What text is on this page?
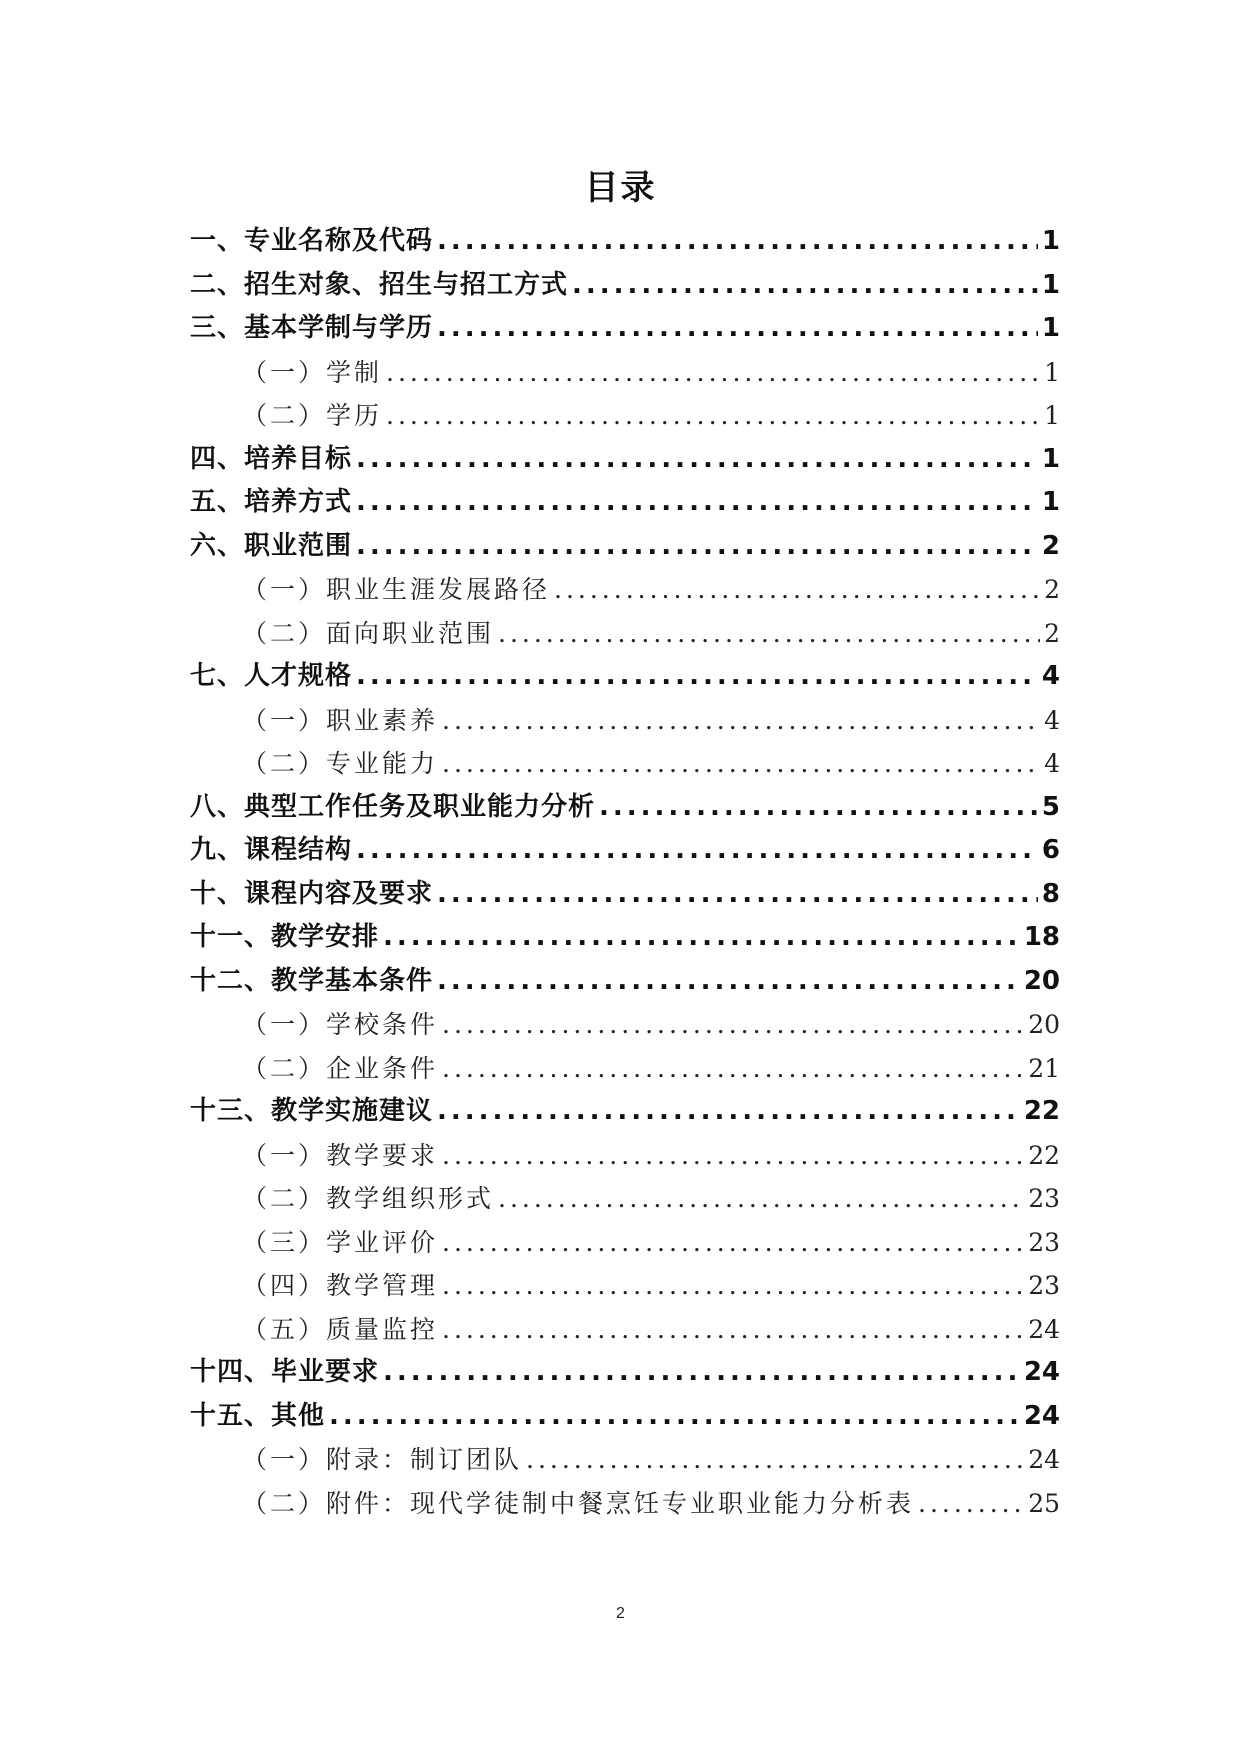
目录
一、专业名称及代码 .....	1
二、招生对象、招生与招工方式 .....	1
三、基本学制与学历 .....	1
（一）学制 .....	1
（二）学历 .....	1
四、培养目标 .....	1
五、培养方式 .....	1
六、职业范围 .....	2
（一）职业生涯发展路径 .....	2
（二）面向职业范围 .....	2
七、人才规格 .....	4
（一）职业素养 .....	4
（二）专业能力 .....	4
八、典型工作任务及职业能力分析 .....	5
九、课程结构 .....	6
十、课程内容及要求 .....	8
十一、教学安排 .....	18
十二、教学基本条件 .....	20
（一）学校条件 .....	20
（二）企业条件 .....	21
十三、教学实施建议 .....	22
（一）教学要求 .....	22
（二）教学组织形式 .....	23
（三）学业评价 .....	23
（四）教学管理 .....	23
（五）质量监控 .....	24
十四、毕业要求 .....	24
十五、其他 .....	24
（一）附录：制订团队 .....	24
（二）附件：现代学徒制中餐烹饪专业职业能力分析表 .....	25
2
